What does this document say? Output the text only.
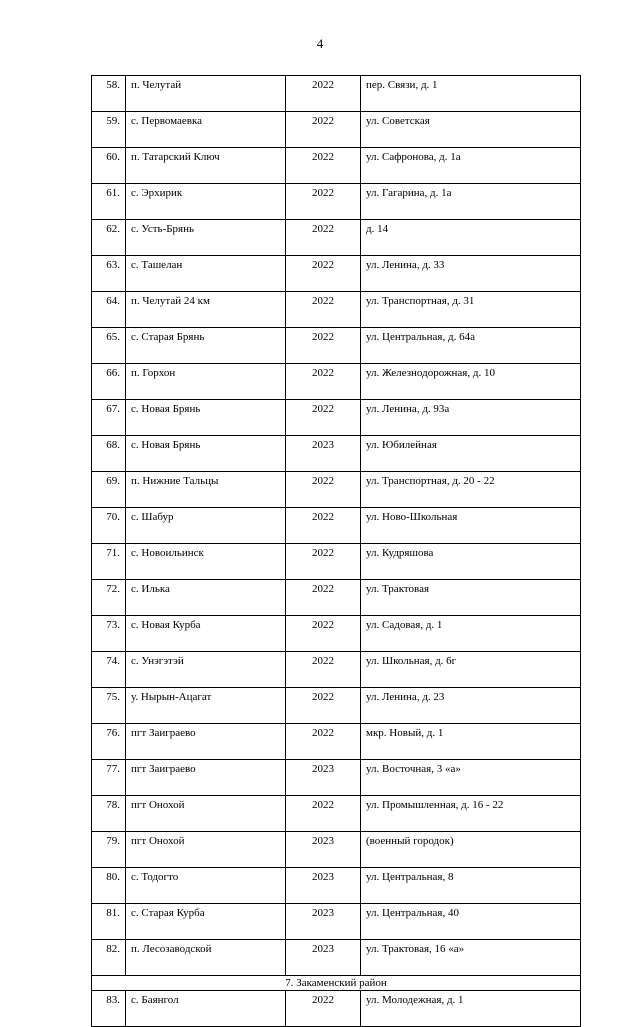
4
58.	п. Челутай	2022	пер. Связи, д. 1
59.	с. Первомаевка	2022	ул. Советская
60.	п. Татарский Ключ	2022	ул. Сафронова, д. 1а
61.	с. Эрхирик	2022	ул. Гагарина, д. 1а
62.	с. Усть-Брянь	2022	д. 14
63.	с. Ташелан	2022	ул. Ленина, д. 33
64.	п. Челутай 24 км	2022	ул. Транспортная, д. 31
65.	с. Старая Брянь	2022	ул. Центральная, д. 64а
66.	п. Горхон	2022	ул. Железнодорожная, д. 10
67.	с. Новая Брянь	2022	ул. Ленина, д. 93а
68.	с. Новая Брянь	2023	ул. Юбилейная
69.	п. Нижние Тальцы	2022	ул. Транспортная, д. 20 - 22
70.	с. Шабур	2022	ул. Ново-Школьная
71.	с. Новоильинск	2022	ул. Кудряшова
72.	с. Илька	2022	ул. Трактовая
73.	с. Новая Курба	2022	ул. Садовая, д. 1
74.	с. Унэгэтэй	2022	ул. Школьная, д. 6г
75.	у. Нырын-Ацагат	2022	ул. Ленина, д. 23
76.	пгт Заиграево	2022	мкр. Новый, д. 1
77.	пгт Заиграево	2023	ул. Восточная, 3 «а»
78.	пгт Онохой	2022	ул. Промышленная, д. 16 - 22
79.	пгт Онохой	2023	(военный городок)
80.	с. Тодогто	2023	ул. Центральная, 8
81.	с. Старая Курба	2023	ул. Центральная, 40
82.	п. Лесозаводской	2023	ул. Трактовая, 16 «а»
7. Закаменский район			
83.	с. Баянгол	2022	ул. Молодежная, д. 1
